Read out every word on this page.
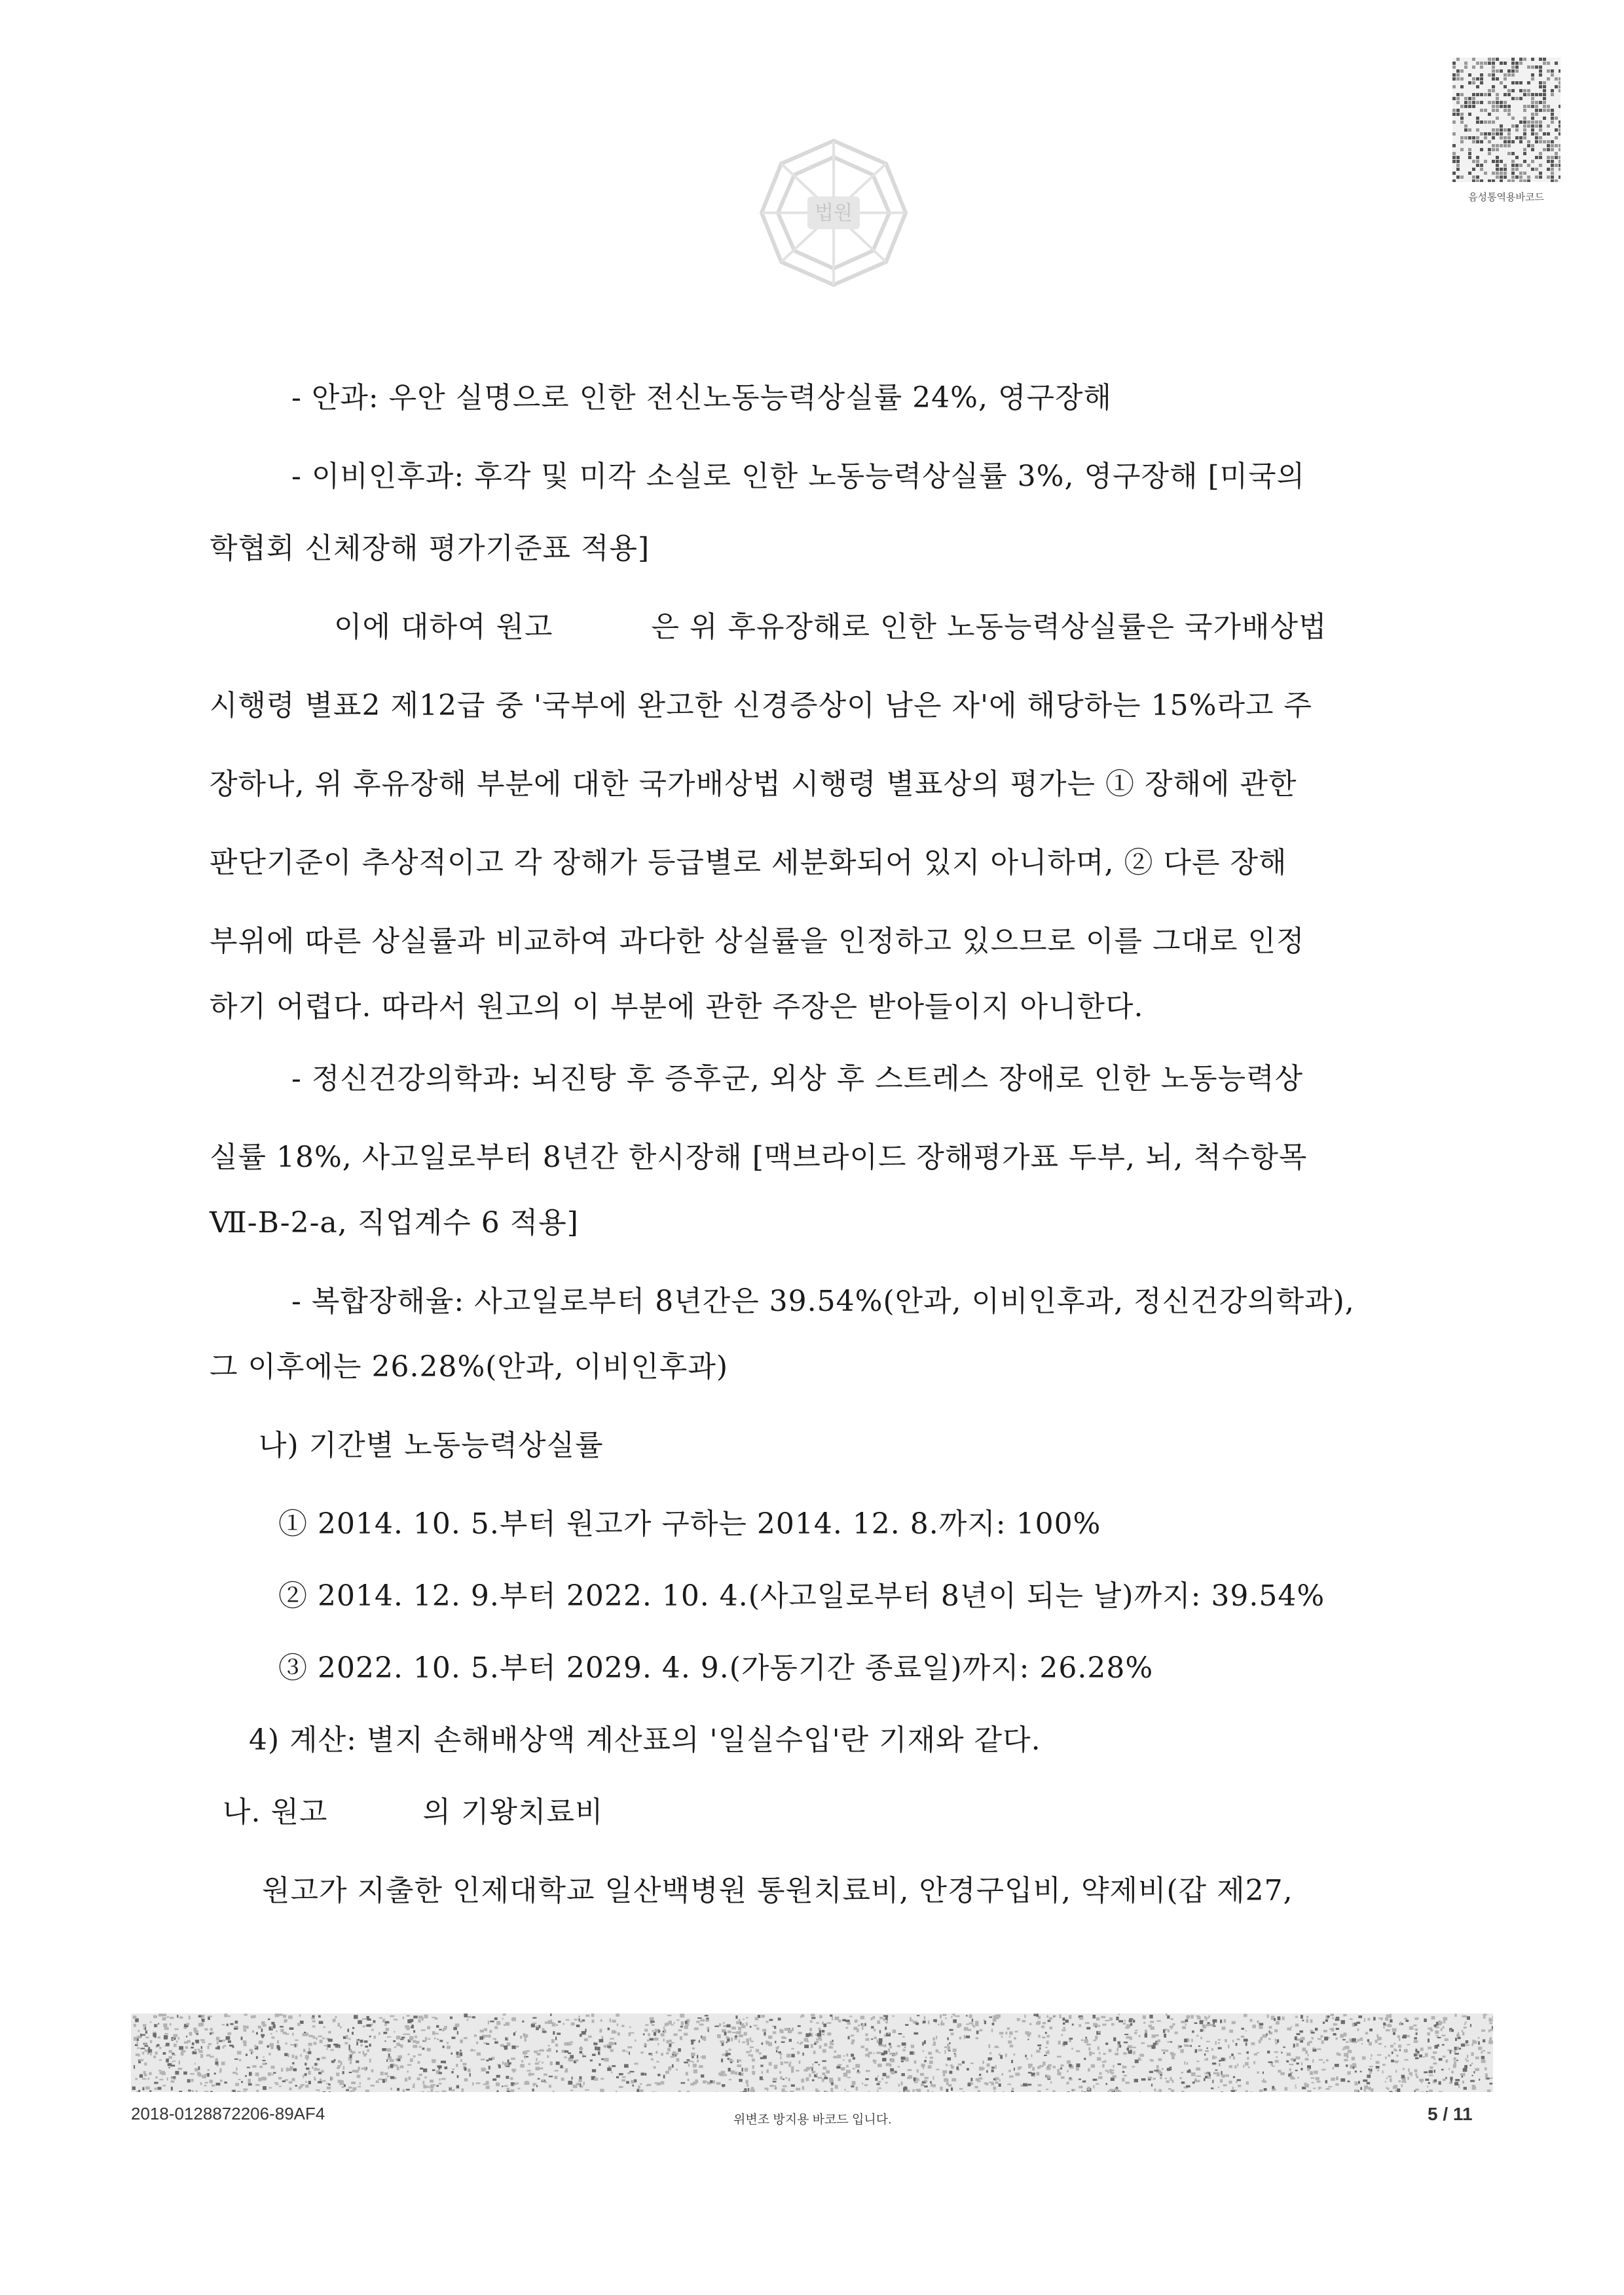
법원
음성통역용바코드
- 안과: 우안 실명으로 인한 전신노동능력상실률 24%, 영구장해
- 이비인후과: 후각 및 미각 소실로 인한 노동능력상실률 3%, 영구장해 [미국의
학협회 신체장해 평가기준표 적용]
이에 대하여 원고	은 위 후유장해로 인한 노동능력상실률은 국가배상법
시행령 별표2 제12급 중 '국부에 완고한 신경증상이 남은 자'에 해당하는 15%라고 주
장하나, 위 후유장해 부분에 대한 국가배상법 시행령 별표상의 평가는 ① 장해에 관한
판단기준이 추상적이고 각 장해가 등급별로 세분화되어 있지 아니하며, ② 다른 장해
부위에 따른 상실률과 비교하여 과다한 상실률을 인정하고 있으므로 이를 그대로 인정
하기 어렵다. 따라서 원고의 이 부분에 관한 주장은 받아들이지 아니한다.
- 정신건강의학과: 뇌진탕 후 증후군, 외상 후 스트레스 장애로 인한 노동능력상
실률 18%, 사고일로부터 8년간 한시장해 [맥브라이드 장해평가표 두부, 뇌, 척수항목
Ⅶ-B-2-a, 직업계수 6 적용]
- 복합장해율: 사고일로부터 8년간은 39.54%(안과, 이비인후과, 정신건강의학과),
그 이후에는 26.28%(안과, 이비인후과)
나) 기간별 노동능력상실률
① 2014. 10. 5.부터 원고가 구하는 2014. 12. 8.까지: 100%
② 2014. 12. 9.부터 2022. 10. 4.(사고일로부터 8년이 되는 날)까지: 39.54%
③ 2022. 10. 5.부터 2029. 4. 9.(가동기간 종료일)까지: 26.28%
4) 계산: 별지 손해배상액 계산표의 '일실수입'란 기재와 같다.
나. 원고	의 기왕치료비
원고가 지출한 인제대학교 일산백병원 통원치료비, 안경구입비, 약제비(갑 제27,
2018-0128872206-89AF4	위변조 방지용 바코드 입니다.	5 / 11
